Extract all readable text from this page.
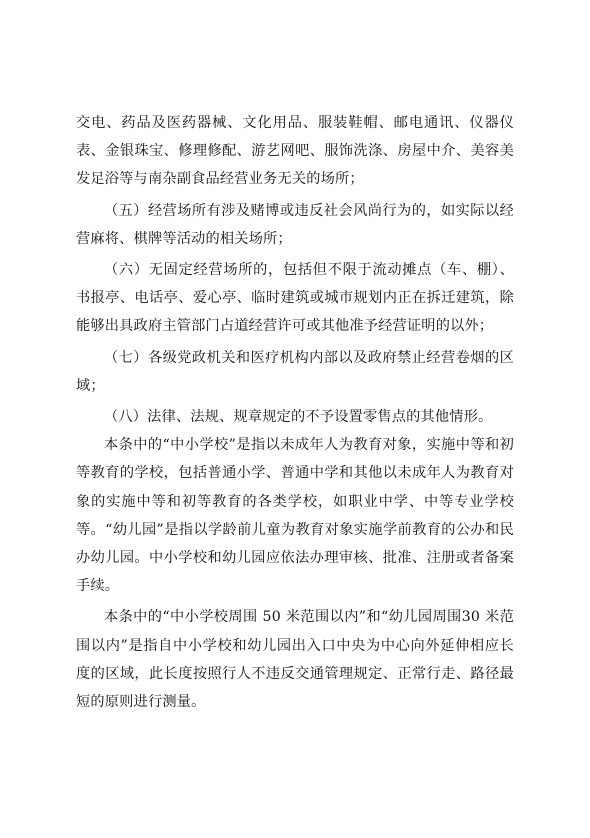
交电、药品及医药器械、文化用品、服装鞋帽、邮电通讯、仪器仪表、金银珠宝、修理修配、游艺网吧、服饰洗涤、房屋中介、美容美发足浴等与南杂副食品经营业务无关的场所；

（五）经营场所有涉及赌博或违反社会风尚行为的，如实际以经营麻将、棋牌等活动的相关场所；

（六）无固定经营场所的，包括但不限于流动摊点（车、棚）、书报亭、电话亭、爱心亭、临时建筑或城市规划内正在拆迁建筑，除能够出具政府主管部门占道经营许可或其他准予经营证明的以外；

（七）各级党政机关和医疗机构内部以及政府禁止经营卷烟的区域；

（八）法律、法规、规章规定的不予设置零售点的其他情形。

本条中的“中小学校”是指以未成年人为教育对象，实施中等和初等教育的学校，包括普通小学、普通中学和其他以未成年人为教育对象的实施中等和初等教育的各类学校，如职业中学、中等专业学校等。“幼儿园”是指以学龄前儿童为教育对象实施学前教育的公办和民办幼儿园。中小学校和幼儿园应依法办理审核、批准、注册或者备案手续。

本条中的“中小学校周围 50 米范围以内”和“幼儿园周围30 米范围以内”是指自中小学校和幼儿园出入口中央为中心向外延伸相应长度的区域，此长度按照行人不违反交通管理规定、正常行走、路径最短的原则进行测量。
